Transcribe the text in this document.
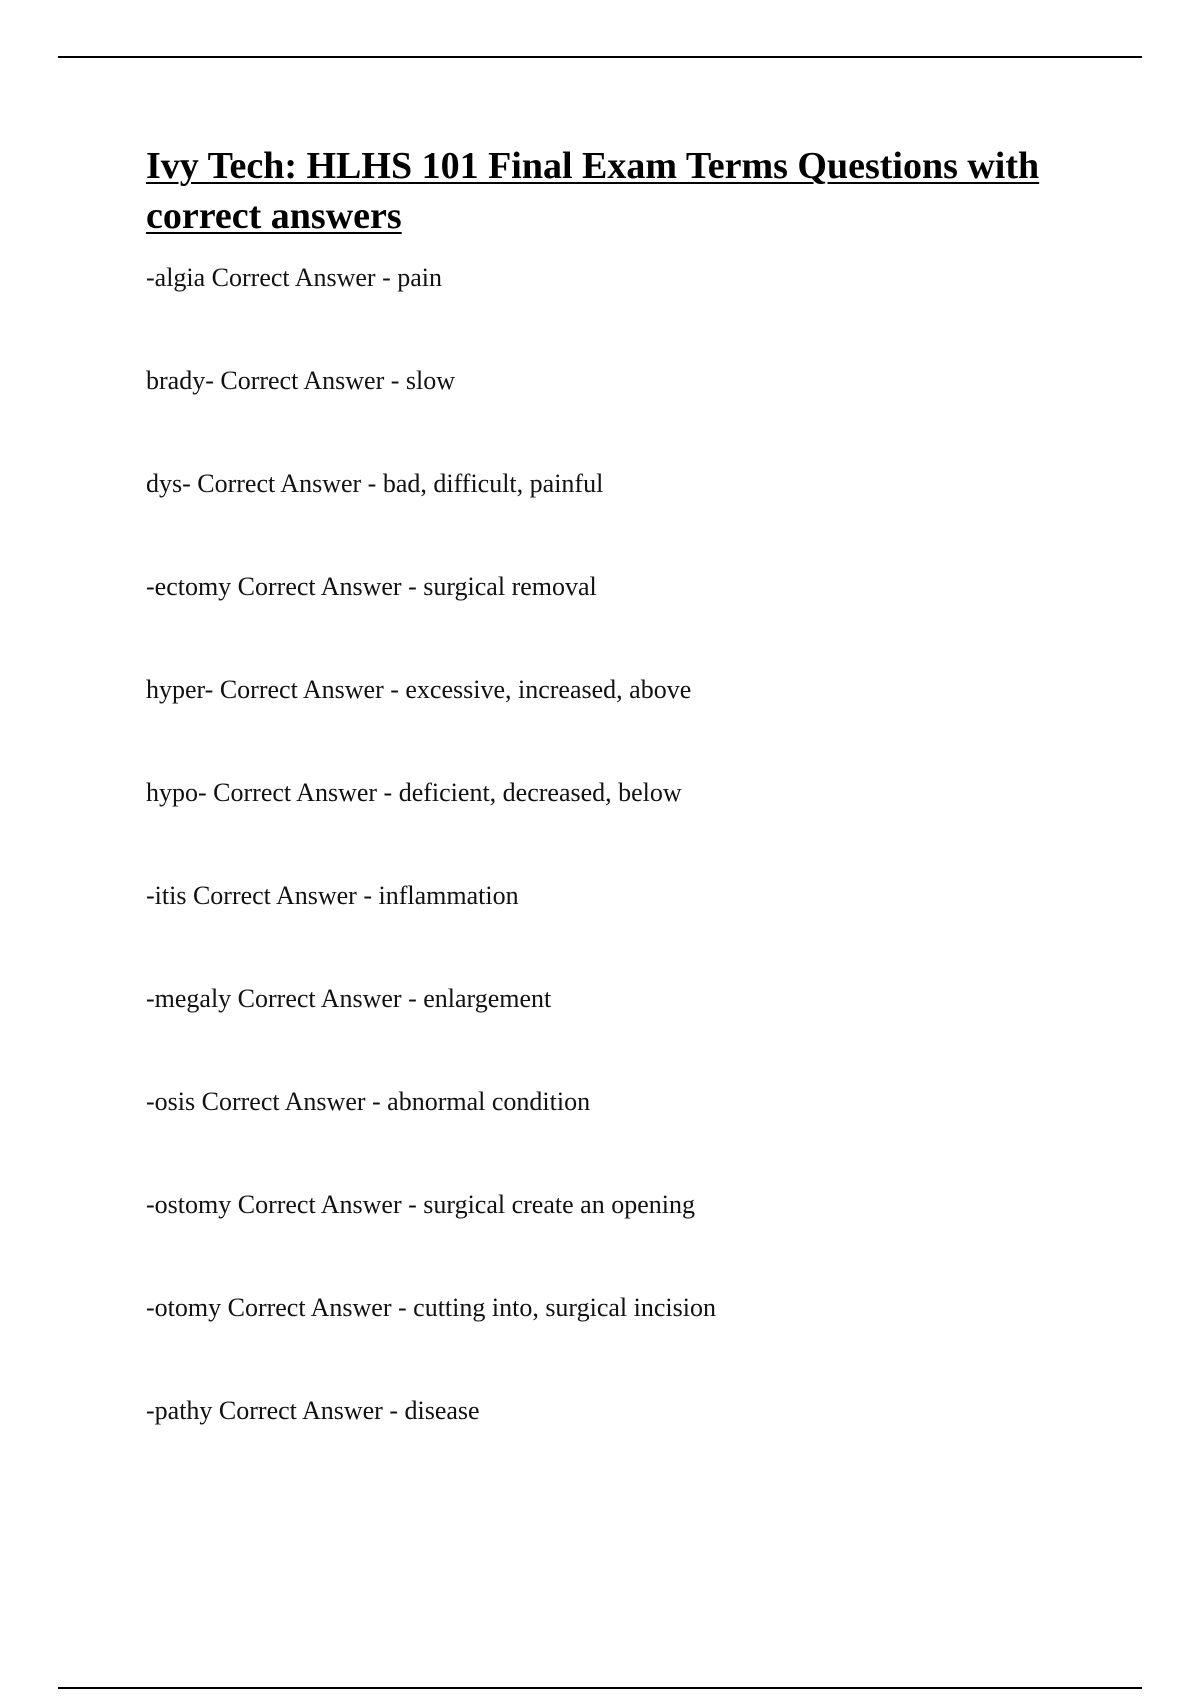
Ivy Tech: HLHS 101 Final Exam Terms Questions with correct answers
-algia Correct Answer - pain
brady- Correct Answer - slow
dys- Correct Answer - bad, difficult, painful
-ectomy Correct Answer - surgical removal
hyper- Correct Answer - excessive, increased, above
hypo- Correct Answer - deficient, decreased, below
-itis Correct Answer - inflammation
-megaly Correct Answer - enlargement
-osis Correct Answer - abnormal condition
-ostomy Correct Answer - surgical create an opening
-otomy Correct Answer - cutting into, surgical incision
-pathy Correct Answer - disease
